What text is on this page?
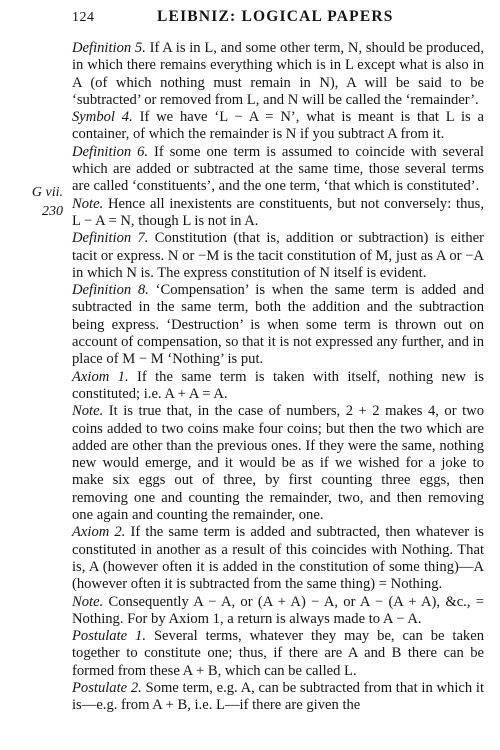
124	LEIBNIZ: LOGICAL PAPERS
G vii.
230

Definition 5. If A is in L, and some other term, N, should be produced, in which there remains everything which is in L except what is also in A (of which nothing must remain in N), A will be said to be ‘subtracted’ or removed from L, and N will be called the ‘remainder’.

Symbol 4. If we have ‘L − A = N’, what is meant is that L is a container, of which the remainder is N if you subtract A from it.

Definition 6. If some one term is assumed to coincide with several which are added or subtracted at the same time, those several terms are called ‘constituents’, and the one term, ‘that which is constituted’.

Note. Hence all inexistents are constituents, but not conversely: thus, L − A = N, though L is not in A.

Definition 7. Constitution (that is, addition or subtraction) is either tacit or express. N or −M is the tacit constitution of M, just as A or −A in which N is. The express constitution of N itself is evident.

Definition 8. ‘Compensation’ is when the same term is added and subtracted in the same term, both the addition and the subtraction being express. ‘Destruction’ is when some term is thrown out on account of compensation, so that it is not expressed any further, and in place of M − M ‘Nothing’ is put.

Axiom 1. If the same term is taken with itself, nothing new is constituted; i.e. A + A = A.

Note. It is true that, in the case of numbers, 2 + 2 makes 4, or two coins added to two coins make four coins; but then the two which are added are other than the previous ones. If they were the same, nothing new would emerge, and it would be as if we wished for a joke to make six eggs out of three, by first counting three eggs, then removing one and counting the remainder, two, and then removing one again and counting the remainder, one.

Axiom 2. If the same term is added and subtracted, then whatever is constituted in another as a result of this coincides with Nothing. That is, A (however often it is added in the constitution of some thing)—A (however often it is subtracted from the same thing) = Nothing.

Note. Consequently A − A, or (A + A) − A, or A − (A + A), &c., = Nothing. For by Axiom 1, a return is always made to A − A.

Postulate 1. Several terms, whatever they may be, can be taken together to constitute one; thus, if there are A and B there can be formed from these A + B, which can be called L.

Postulate 2. Some term, e.g. A, can be subtracted from that in which it is—e.g. from A + B, i.e. L—if there are given the
